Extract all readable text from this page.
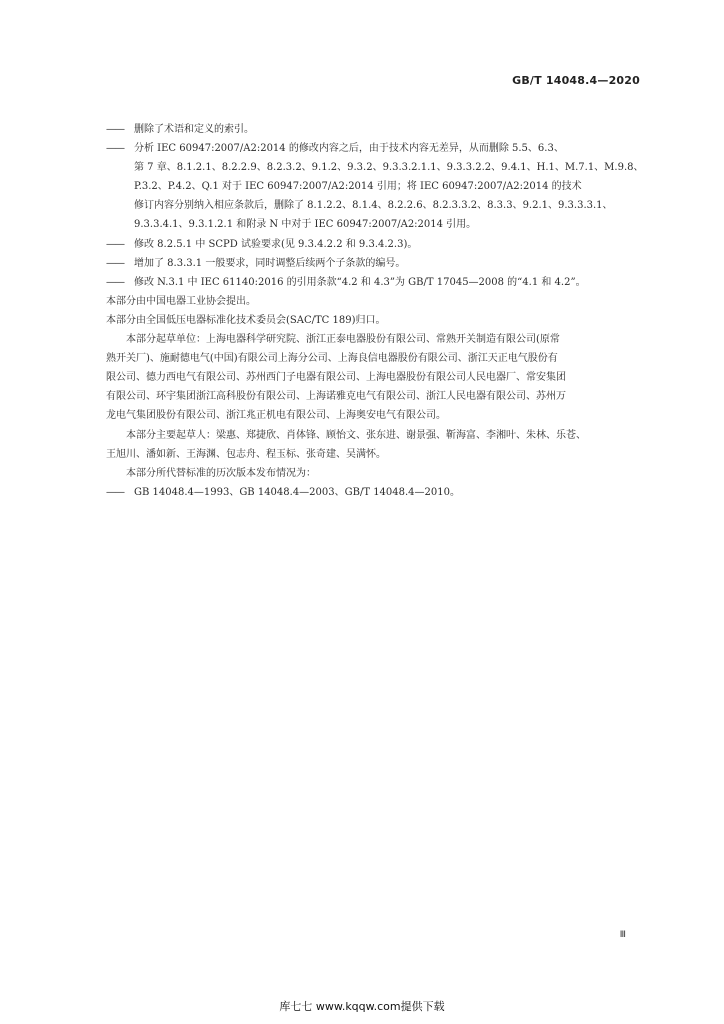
GB/T 14048.4—2020
—— 删除了术语和定义的索引。
—— 分析 IEC 60947:2007/A2:2014 的修改内容之后，由于技术内容无差异，从而删除 5.5、6.3、
第 7 章、8.1.2.1、8.2.2.9、8.2.3.2、9.1.2、9.3.2、9.3.3.2.1.1、9.3.3.2.2、9.4.1、H.1、M.7.1、M.9.8、
P.3.2、P.4.2、Q.1 对于 IEC 60947:2007/A2:2014 引用；将 IEC 60947:2007/A2:2014 的技术
修订内容分别纳入相应条款后，删除了 8.1.2.2、8.1.4、8.2.2.6、8.2.3.3.2、8.3.3、9.2.1、9.3.3.3.1、
9.3.3.4.1、9.3.1.2.1 和附录 N 中对于 IEC 60947:2007/A2:2014 引用。
—— 修改 8.2.5.1 中 SCPD 试验要求(见 9.3.4.2.2 和 9.3.4.2.3)。
—— 增加了 8.3.3.1 一般要求，同时调整后续两个子条款的编号。
—— 修改 N.3.1 中 IEC 61140:2016 的引用条款“4.2 和 4.3”为 GB/T 17045—2008 的“4.1 和 4.2”。
本部分由中国电器工业协会提出。
本部分由全国低压电器标准化技术委员会(SAC/TC 189)归口。
本部分起草单位：上海电器科学研究院、浙江正泰电器股份有限公司、常熟开关制造有限公司(原常
熟开关厂)、施耐德电气(中国)有限公司上海分公司、上海良信电器股份有限公司、浙江天正电气股份有
限公司、德力西电气有限公司、苏州西门子电器有限公司、上海电器股份有限公司人民电器厂、常安集团
有限公司、环宇集团浙江高科股份有限公司、上海诺雅克电气有限公司、浙江人民电器有限公司、苏州万
龙电气集团股份有限公司、浙江兆正机电有限公司、上海奥安电气有限公司。
本部分主要起草人：梁惠、郑捷欣、肖体锋、顾怡文、张东进、谢景强、靳海富、李湘叶、朱林、乐苍、
王旭川、潘如新、王海渊、包志舟、程玉标、张奇建、吴满怀。
本部分所代替标准的历次版本发布情况为：
—— GB 14048.4—1993、GB 14048.4—2003、GB/T 14048.4—2010。
Ⅲ
库七七 www.kqqw.com提供下载
